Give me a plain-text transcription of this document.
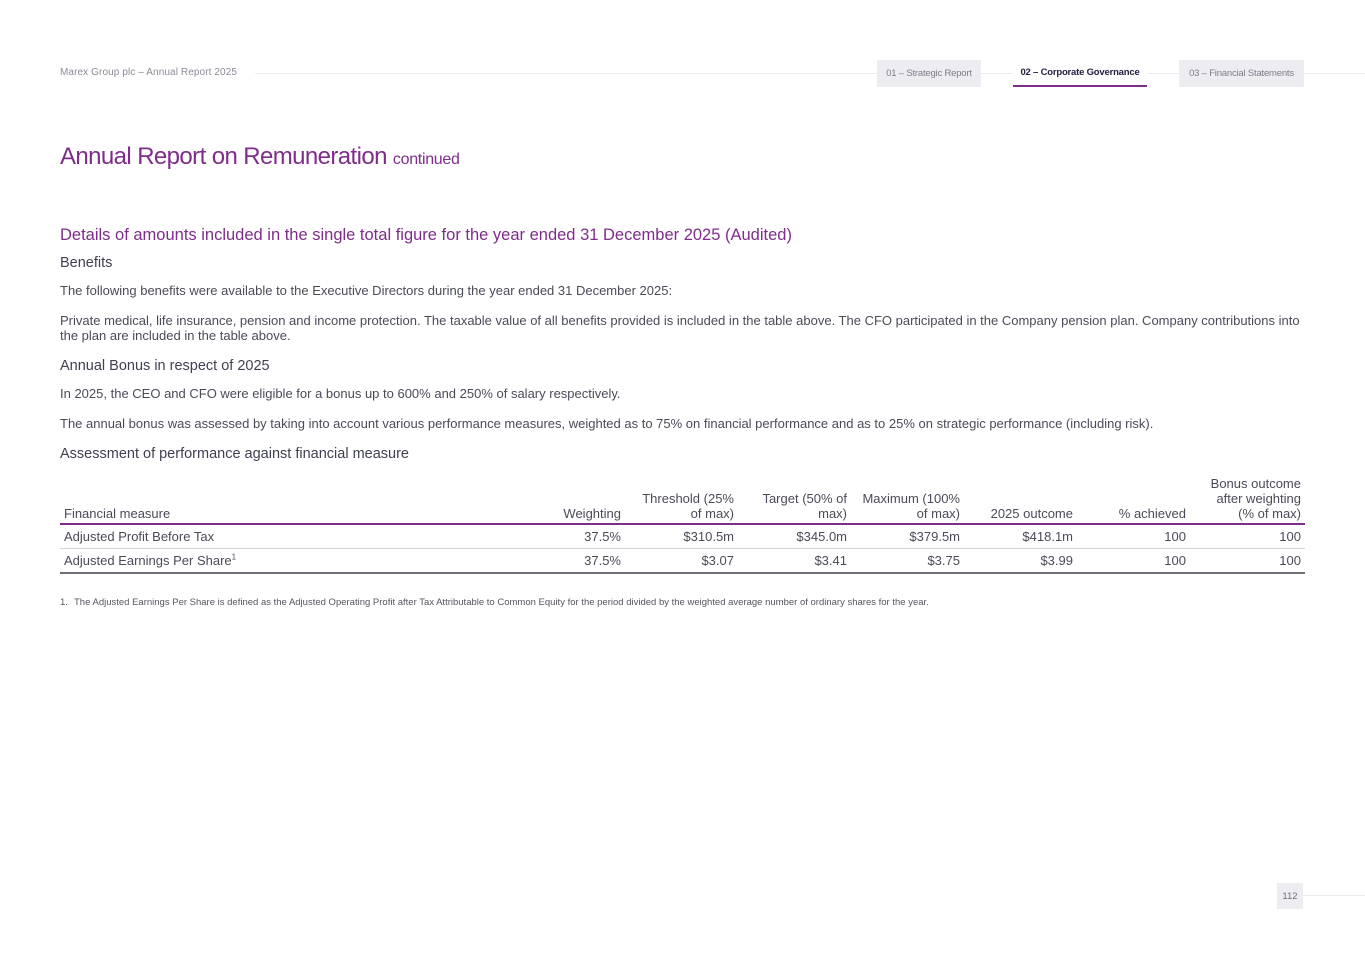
Marex Group plc – Annual Report 2025	01 – Strategic Report	02 – Corporate Governance	03 – Financial Statements
Annual Report on Remuneration continued
Details of amounts included in the single total figure for the year ended 31 December 2025 (Audited)
Benefits

The following benefits were available to the Executive Directors during the year ended 31 December 2025:

Private medical, life insurance, pension and income protection. The taxable value of all benefits provided is included in the table above. The CFO participated in the Company pension plan. Company contributions into the plan are included in the table above.

Annual Bonus in respect of 2025

In 2025, the CEO and CFO were eligible for a bonus up to 600% and 250% of salary respectively.

The annual bonus was assessed by taking into account various performance measures, weighted as to 75% on financial performance and as to 25% on strategic performance (including risk).

Assessment of performance against financial measure
Financial measure	Weighting	Threshold (25% of max)	Target (50% of max)	Maximum (100% of max)	2025 outcome	% achieved	Bonus outcome after weighting (% of max)
Adjusted Profit Before Tax	37.5%	$310.5m	$345.0m	$379.5m	$418.1m	100	100
Adjusted Earnings Per Share$^1$	37.5%	$3.07	$3.41	$3.75	$3.99	100	100
1. The Adjusted Earnings Per Share is defined as the Adjusted Operating Profit after Tax Attributable to Common Equity for the period divided by the weighted average number of ordinary shares for the year.
112
